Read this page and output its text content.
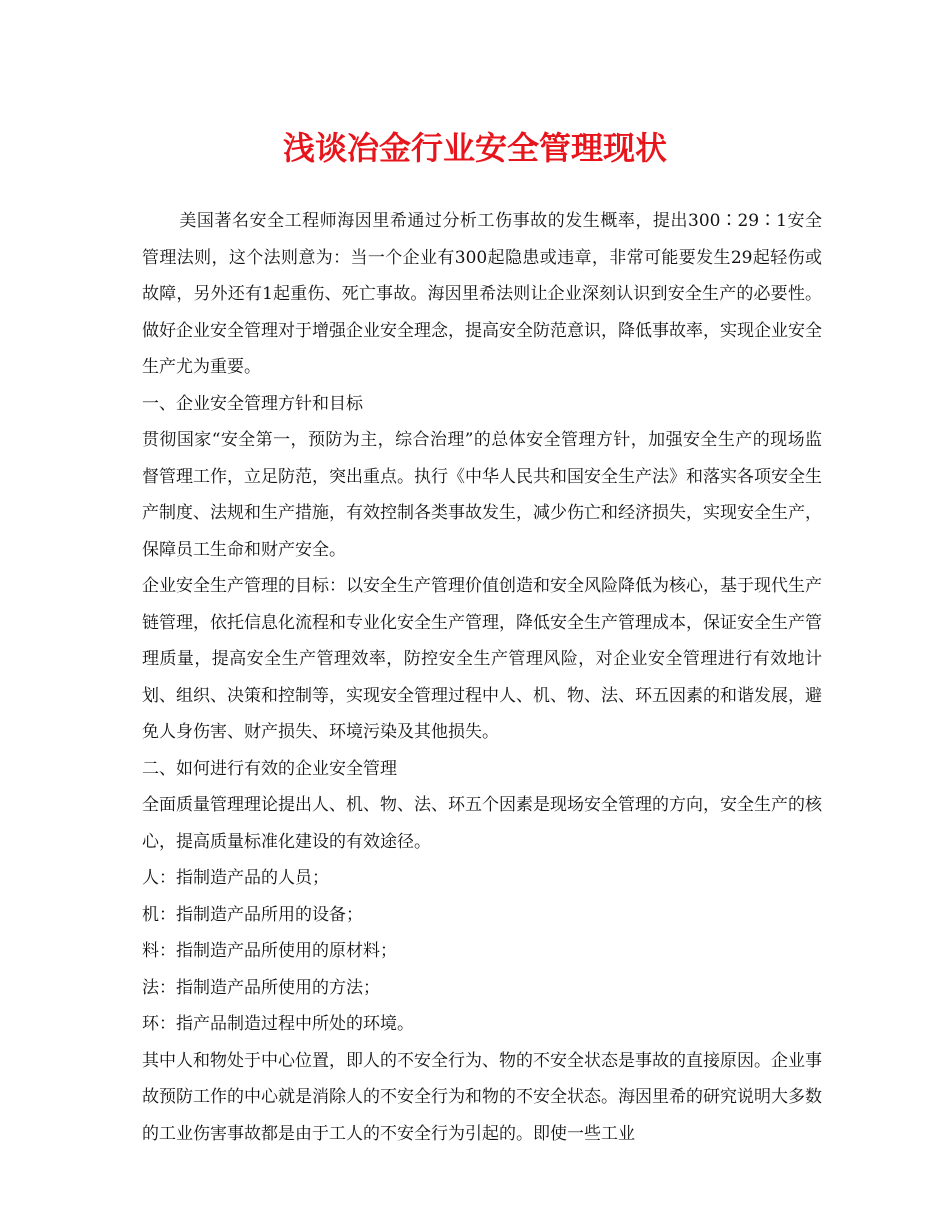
浅谈冶金行业安全管理现状

美国著名安全工程师海因里希通过分析工伤事故的发生概率，提出300∶29∶1安全管理法则，这个法则意为：当一个企业有300起隐患或违章，非常可能要发生29起轻伤或故障，另外还有1起重伤、死亡事故。海因里希法则让企业深刻认识到安全生产的必要性。做好企业安全管理对于增强企业安全理念，提高安全防范意识，降低事故率，实现企业安全生产尤为重要。

一、企业安全管理方针和目标

贯彻国家“安全第一，预防为主，综合治理”的总体安全管理方针，加强安全生产的现场监督管理工作，立足防范，突出重点。执行《中华人民共和国安全生产法》和落实各项安全生产制度、法规和生产措施，有效控制各类事故发生，减少伤亡和经济损失，实现安全生产，保障员工生命和财产安全。

企业安全生产管理的目标：以安全生产管理价值创造和安全风险降低为核心，基于现代生产链管理，依托信息化流程和专业化安全生产管理，降低安全生产管理成本，保证安全生产管理质量，提高安全生产管理效率，防控安全生产管理风险，对企业安全管理进行有效地计划、组织、决策和控制等，实现安全管理过程中人、机、物、法、环五因素的和谐发展，避免人身伤害、财产损失、环境污染及其他损失。

二、如何进行有效的企业安全管理

全面质量管理理论提出人、机、物、法、环五个因素是现场安全管理的方向，安全生产的核心，提高质量标准化建设的有效途径。

人：指制造产品的人员；

机：指制造产品所用的设备；

料：指制造产品所使用的原材料；

法：指制造产品所使用的方法；

环：指产品制造过程中所处的环境。

其中人和物处于中心位置，即人的不安全行为、物的不安全状态是事故的直接原因。企业事故预防工作的中心就是消除人的不安全行为和物的不安全状态。海因里希的研究说明大多数的工业伤害事故都是由于工人的不安全行为引起的。即使一些工业
